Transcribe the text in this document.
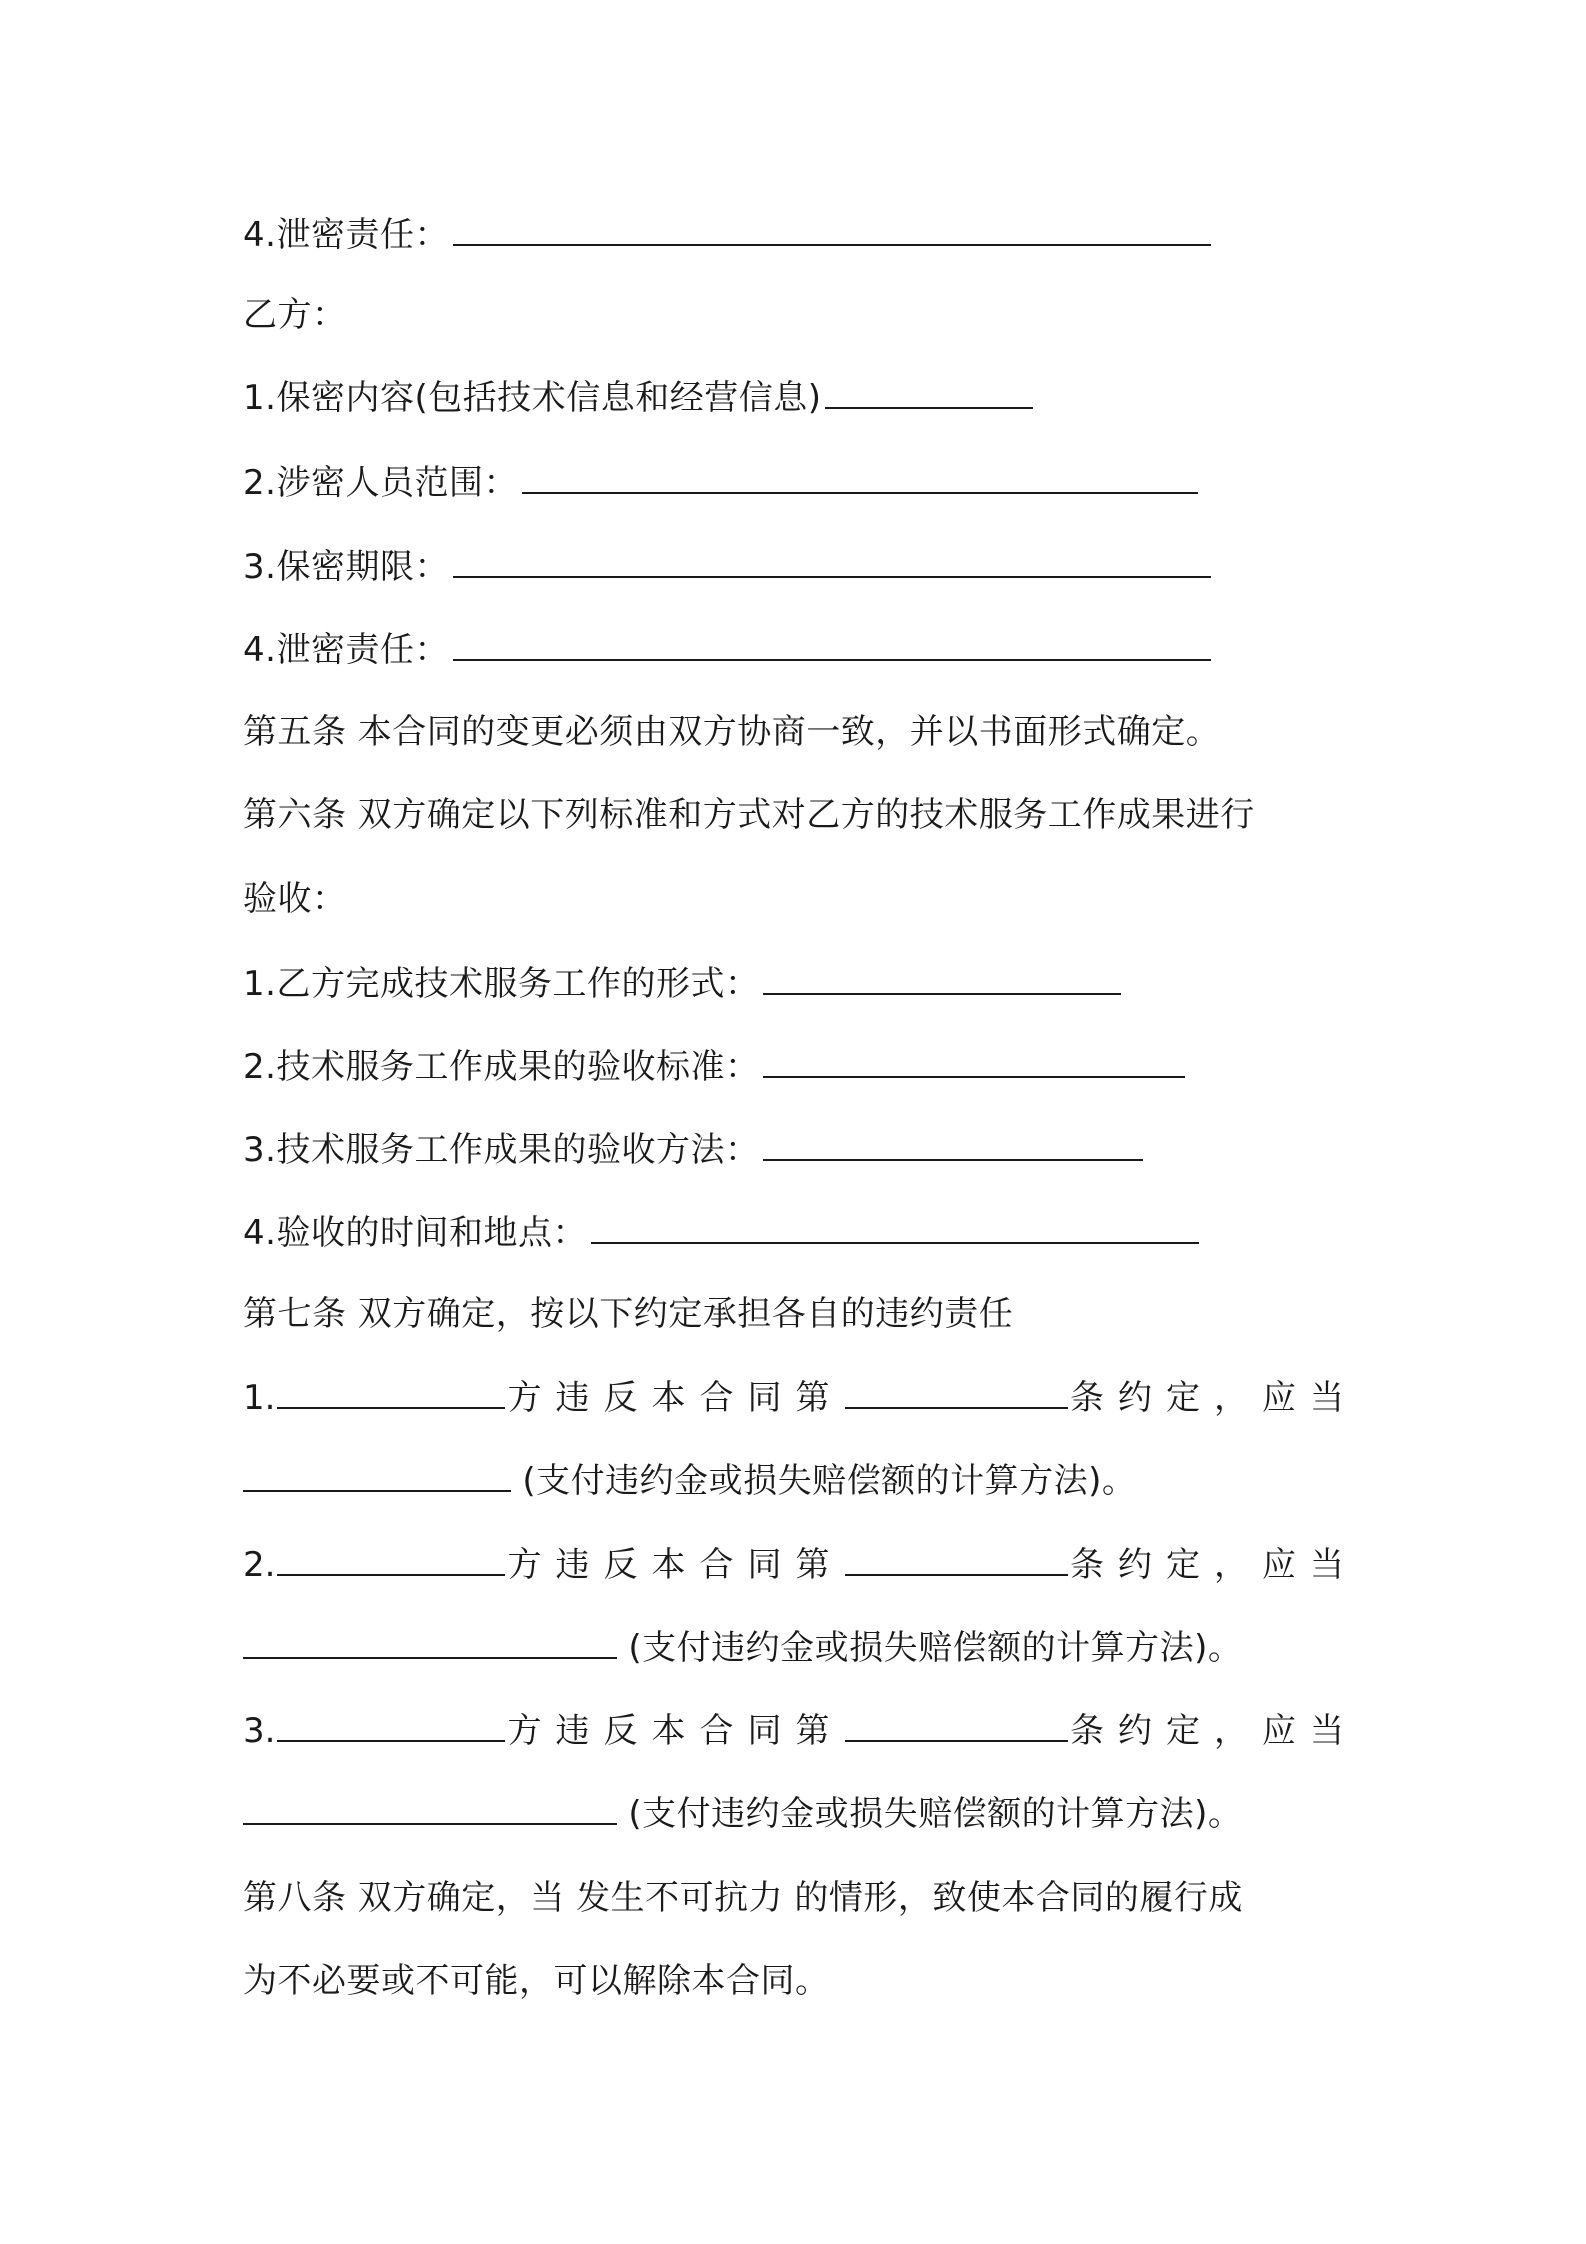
4.泄密责任：
乙方：
1.保密内容(包括技术信息和经营信息)
2.涉密人员范围：
3.保密期限：
4.泄密责任：
第五条 本合同的变更必须由双方协商一致，并以书面形式确定。
第六条 双方确定以下列标准和方式对乙方的技术服务工作成果进行
验收：
1.乙方完成技术服务工作的形式：
2.技术服务工作成果的验收标准：
3.技术服务工作成果的验收方法：
4.验收的时间和地点：
第七条 双方确定，按以下约定承担各自的违约责任
1.	方违反本合同第	条约定，应当
(支付违约金或损失赔偿额的计算方法)。
2.	方违反本合同第	条约定，应当
(支付违约金或损失赔偿额的计算方法)。
3.	方违反本合同第	条约定，应当
(支付违约金或损失赔偿额的计算方法)。
第八条 双方确定，当 发生不可抗力 的情形，致使本合同的履行成
为不必要或不可能，可以解除本合同。
